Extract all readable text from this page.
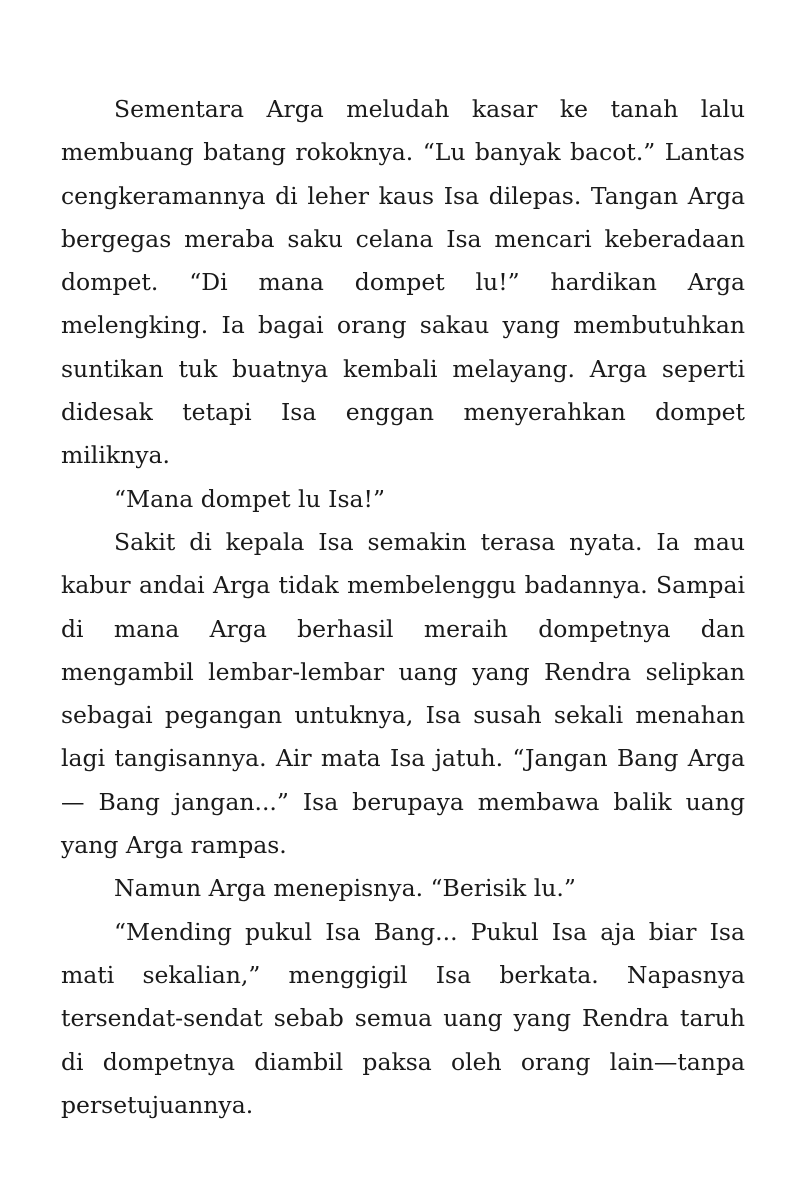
Sementara Arga meludah kasar ke tanah lalu membuang batang rokoknya. “Lu banyak bacot.” Lantas cengkeramannya di leher kaus Isa dilepas. Tangan Arga bergegas meraba saku celana Isa mencari keberadaan dompet. “Di mana dompet lu!” hardikan Arga melengking. Ia bagai orang sakau yang membutuhkan suntikan tuk buatnya kembali melayang. Arga seperti didesak tetapi Isa enggan menyerahkan dompet miliknya.

“Mana dompet lu Isa!”

Sakit di kepala Isa semakin terasa nyata. Ia mau kabur andai Arga tidak membelenggu badannya. Sampai di mana Arga berhasil meraih dompetnya dan mengambil lembar-lembar uang yang Rendra selipkan sebagai pegangan untuknya, Isa susah sekali menahan lagi tangisannya. Air mata Isa jatuh. “Jangan Bang Arga— Bang jangan...” Isa berupaya membawa balik uang yang Arga rampas.

Namun Arga menepisnya. “Berisik lu.”

“Mending pukul Isa Bang... Pukul Isa aja biar Isa mati sekalian,” menggigil Isa berkata. Napasnya tersendat-sendat sebab semua uang yang Rendra taruh di dompetnya diambil paksa oleh orang lain—tanpa persetujuannya.
